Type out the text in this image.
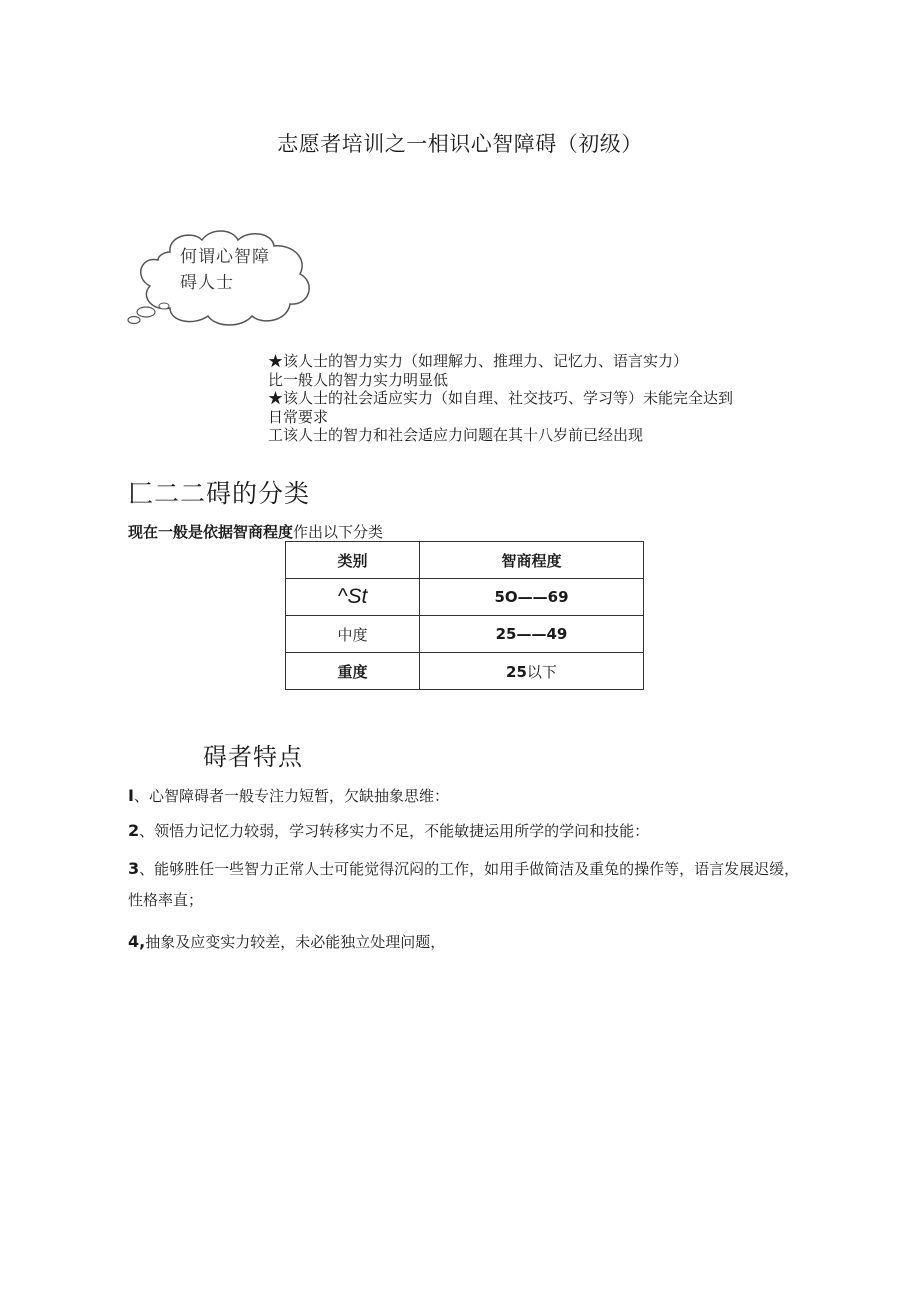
志愿者培训之一相识心智障碍（初级）
何谓心智障
碍人士
★该人士的智力实力（如理解力、推理力、记忆力、语言实力）
比一般人的智力实力明显低
★该人士的社会适应实力（如自理、社交技巧、学习等）未能完全达到
日常要求
工该人士的智力和社会适应力问题在其十八岁前已经出现
匚二二碍的分类
现在一般是依据智商程度作出以下分类
类别	智商程度
^St	5O——69
中度	25——49
重度	25以下
碍者特点
I、心智障碍者一般专注力短暂，欠缺抽象思维：
2、领悟力记忆力较弱，学习转移实力不足，不能敏捷运用所学的学问和技能：
3、能够胜任一些智力正常人士可能觉得沉闷的工作，如用手做简洁及重兔的操作等，语言发展迟缓，性格率直；
4,抽象及应变实力较差，未必能独立处理问题，
